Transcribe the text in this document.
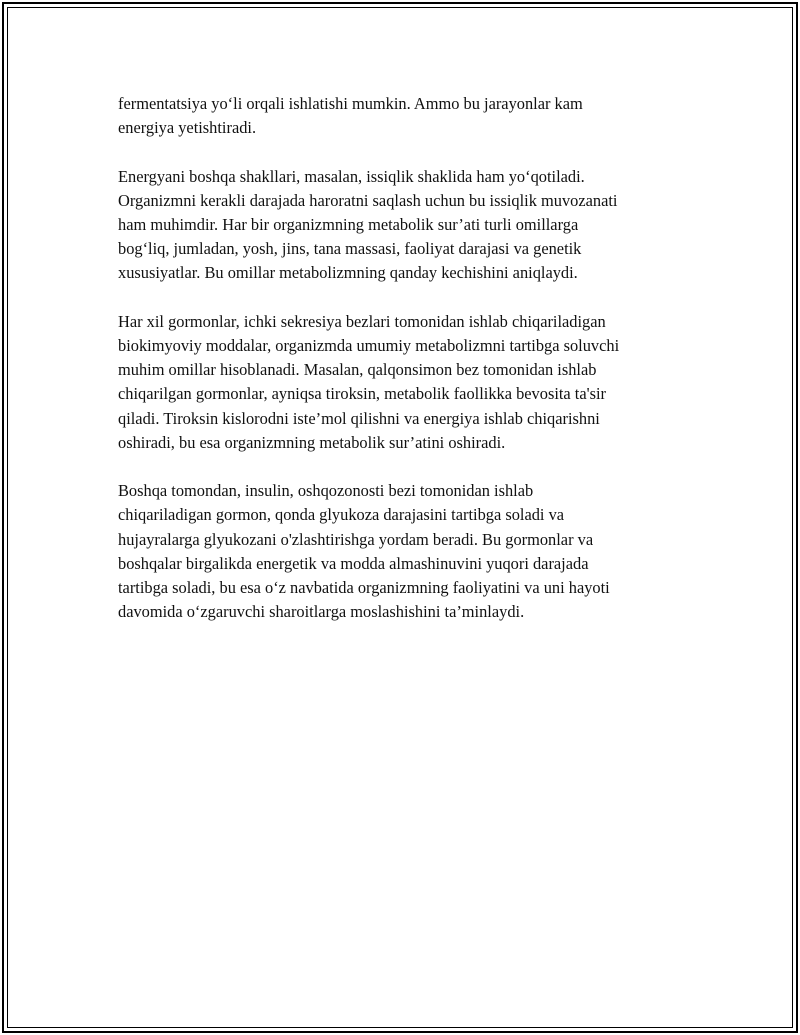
fermentatsiya yo‘li orqali ishlatishi mumkin. Ammo bu jarayonlar kam
energiya yetishtiradi.

Energyani boshqa shakllari, masalan, issiqlik shaklida ham yo‘qotiladi.
Organizmni kerakli darajada haroratni saqlash uchun bu issiqlik muvozanati
ham muhimdir. Har bir organizmning metabolik sur’ati turli omillarga
bog‘liq, jumladan, yosh, jins, tana massasi, faoliyat darajasi va genetik
xususiyatlar. Bu omillar metabolizmning qanday kechishini aniqlaydi.

Har xil gormonlar, ichki sekresiya bezlari tomonidan ishlab chiqariladigan
biokimyoviy moddalar, organizmda umumiy metabolizmni tartibga soluvchi
muhim omillar hisoblanadi. Masalan, qalqonsimon bez tomonidan ishlab
chiqarilgan gormonlar, ayniqsa tiroksin, metabolik faollikka bevosita ta'sir
qiladi. Tiroksin kislorodni iste’mol qilishni va energiya ishlab chiqarishni
oshiradi, bu esa organizmning metabolik sur’atini oshiradi.

Boshqa tomondan, insulin, oshqozonosti bezi tomonidan ishlab
chiqariladigan gormon, qonda glyukoza darajasini tartibga soladi va
hujayralarga glyukozani o'zlashtirishga yordam beradi. Bu gormonlar va
boshqalar birgalikda energetik va modda almashinuvini yuqori darajada
tartibga soladi, bu esa o‘z navbatida organizmning faoliyatini va uni hayoti
davomida o‘zgaruvchi sharoitlarga moslashishini ta’minlaydi.
